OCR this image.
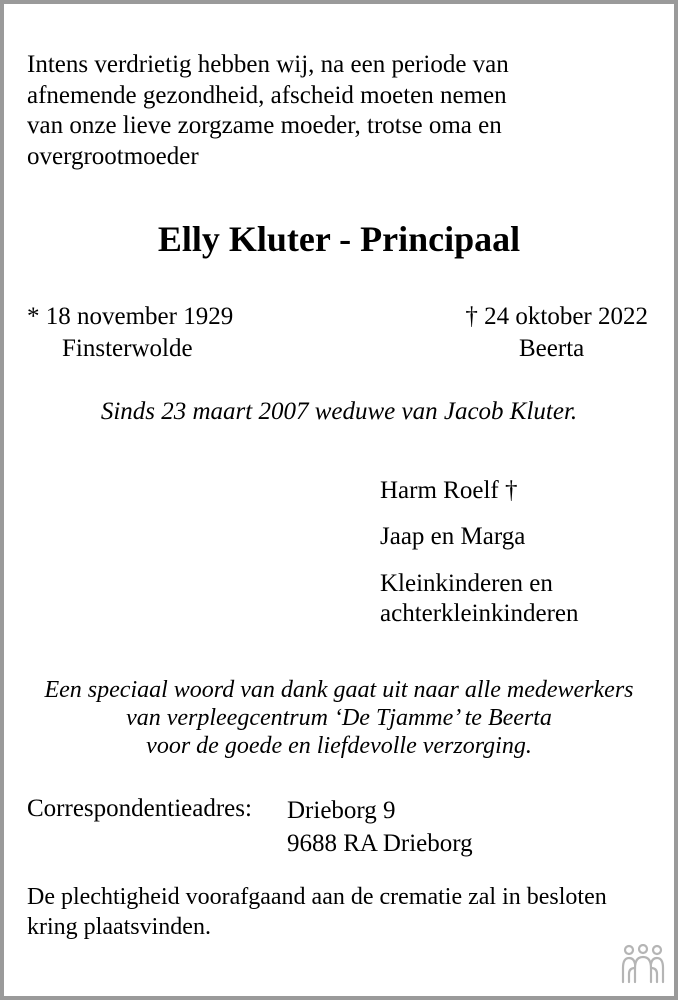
Intens verdrietig hebben wij, na een periode van
afnemende gezondheid, afscheid moeten nemen
van onze lieve zorgzame moeder, trotse oma en
overgrootmoeder
Elly Kluter - Principaal
* 18 november 1929
Finsterwolde
† 24 oktober 2022
Beerta
Sinds 23 maart 2007 weduwe van Jacob Kluter.
Harm Roelf †
Jaap en Marga
Kleinkinderen en
achterkleinkinderen
Een speciaal woord van dank gaat uit naar alle medewerkers
van verpleegcentrum ‘De Tjamme’ te Beerta
voor de goede en liefdevolle verzorging.
Correspondentieadres: Drieborg 9
9688 RA Drieborg
De plechtigheid voorafgaand aan de crematie zal in besloten
kring plaatsvinden.
